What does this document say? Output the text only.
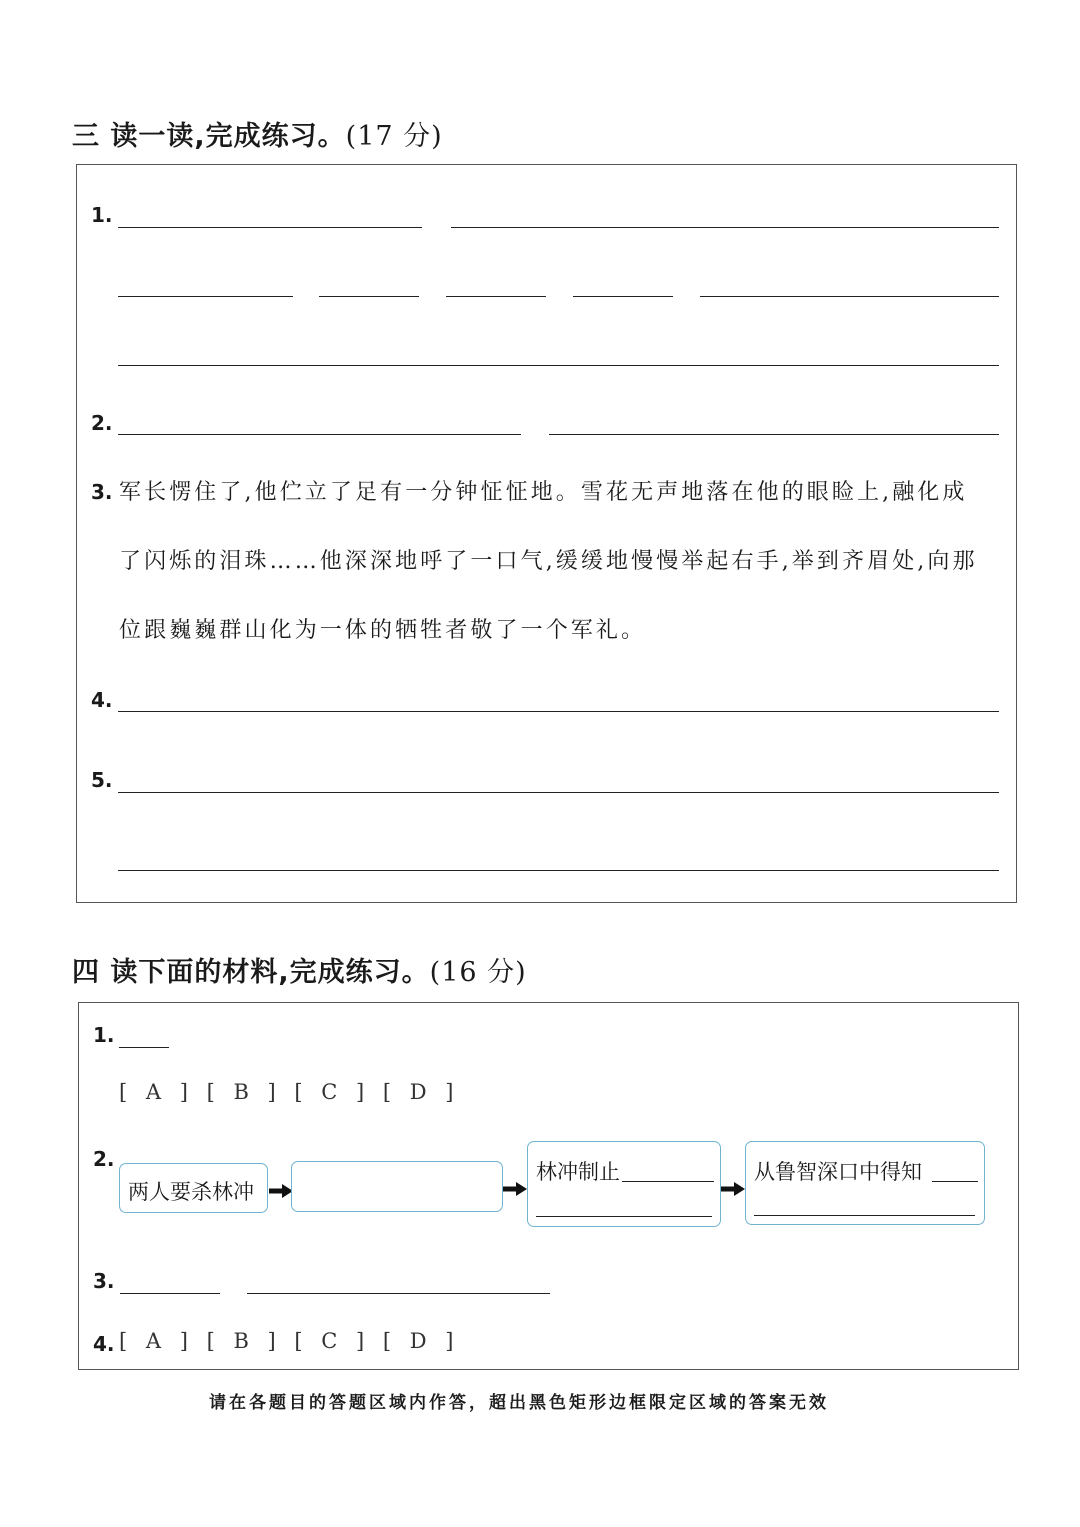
三 读一读,完成练习。(17 分)
1.
2.
3. 军长愣住了,他伫立了足有一分钟怔怔地。雪花无声地落在他的眼睑上,融化成
了闪烁的泪珠……他深深地呼了一口气,缓缓地慢慢举起右手,举到齐眉处,向那
位跟巍巍群山化为一体的牺牲者敬了一个军礼。
4.
5.
四 读下面的材料,完成练习。(16 分)
1.
[ A ] [ B ] [ C ] [ D ]
2.
两人要杀林冲
林冲制止	从鲁智深口中得知
3.
4. [ A ] [ B ] [ C ] [ D ]
请在各题目的答题区域内作答，超出黑色矩形边框限定区域的答案无效
